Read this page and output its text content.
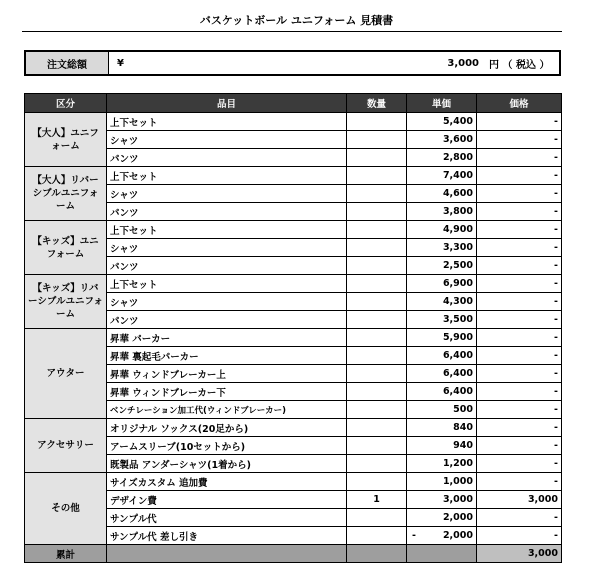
バスケットボール ユニフォーム 見積書
注文総額	¥	3,000	円 （ 税込 ）
区分	品目	数量	単価	価格
【大人】ユニフォーム	上下セット		5,400	-
	シャツ		3,600	-
	パンツ		2,800	-
【大人】リバーシブルユニフォーム	上下セット		7,400	-
	シャツ		4,600	-
	パンツ		3,800	-
【キッズ】ユニフォーム	上下セット		4,900	-
	シャツ		3,300	-
	パンツ		2,500	-
【キッズ】リバーシブルユニフォーム	上下セット		6,900	-
	シャツ		4,300	-
	パンツ		3,500	-
アウター	昇華 パーカー		5,900	-
	昇華 裏起毛パーカー		6,400	-
	昇華 ウィンドブレーカー上		6,400	-
	昇華 ウィンドブレーカー下		6,400	-
	ベンチレーション加工代(ウィンドブレーカー)		500	-
アクセサリー	オリジナル ソックス(20足から)		840	-
	アームスリーブ(10セットから)		940	-
	既製品 アンダーシャツ(1着から)		1,200	-
その他	サイズカスタム 追加費		1,000	-
	デザイン費	1	3,000	3,000
	サンプル代		2,000	-
	サンプル代 差し引き		- 2,000	-
累計				3,000
